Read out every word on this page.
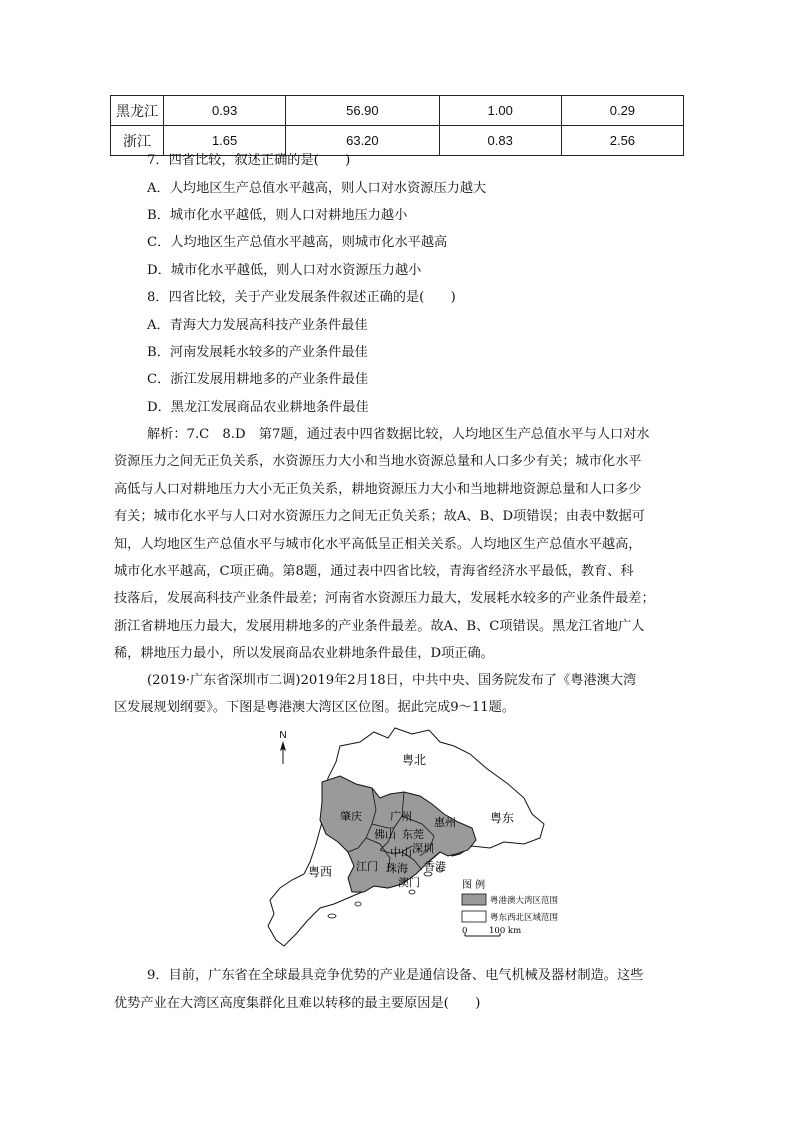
黑龙江	0.93	56.90	1.00	0.29
浙江	1.65	63.20	0.83	2.56
7．四省比较，叙述正确的是(　　)
A．人均地区生产总值水平越高，则人口对水资源压力越大
B．城市化水平越低，则人口对耕地压力越小
C．人均地区生产总值水平越高，则城市化水平越高
D．城市化水平越低，则人口对水资源压力越小
8．四省比较，关于产业发展条件叙述正确的是(　　)
A．青海大力发展高科技产业条件最佳
B．河南发展耗水较多的产业条件最佳
C．浙江发展用耕地多的产业条件最佳
D．黑龙江发展商品农业耕地条件最佳
解析：7.C　8.D　第7题，通过表中四省数据比较，人均地区生产总值水平与人口对水
资源压力之间无正负关系，水资源压力大小和当地水资源总量和人口多少有关；城市化水平
高低与人口对耕地压力大小无正负关系，耕地资源压力大小和当地耕地资源总量和人口多少
有关；城市化水平与人口对水资源压力之间无正负关系；故A、B、D项错误；由表中数据可
知，人均地区生产总值水平与城市化水平高低呈正相关关系。人均地区生产总值水平越高，
城市化水平越高，C项正确。第8题，通过表中四省比较，青海省经济水平最低，教育、科
技落后，发展高科技产业条件最差；河南省水资源压力最大，发展耗水较多的产业条件最差；
浙江省耕地压力最大，发展用耕地多的产业条件最差。故A、B、C项错误。黑龙江省地广人
稀，耕地压力最小，所以发展商品农业耕地条件最佳，D项正确。
(2019·广东省深圳市二调)2019年2月18日，中共中央、国务院发布了《粤港澳大湾
区发展规划纲要》。下图是粤港澳大湾区区位图。据此完成9～11题。
N
粤北
粤东
粤西
肇庆	广州 惠州
佛山 东莞
深圳
中山
江门 珠海 香港
澳门	图 例
粤港澳大湾区范围
粤东西北区域范围
0	100 km
9．目前，广东省在全球最具竞争优势的产业是通信设备、电气机械及器材制造。这些
优势产业在大湾区高度集群化且难以转移的最主要原因是(　　)
